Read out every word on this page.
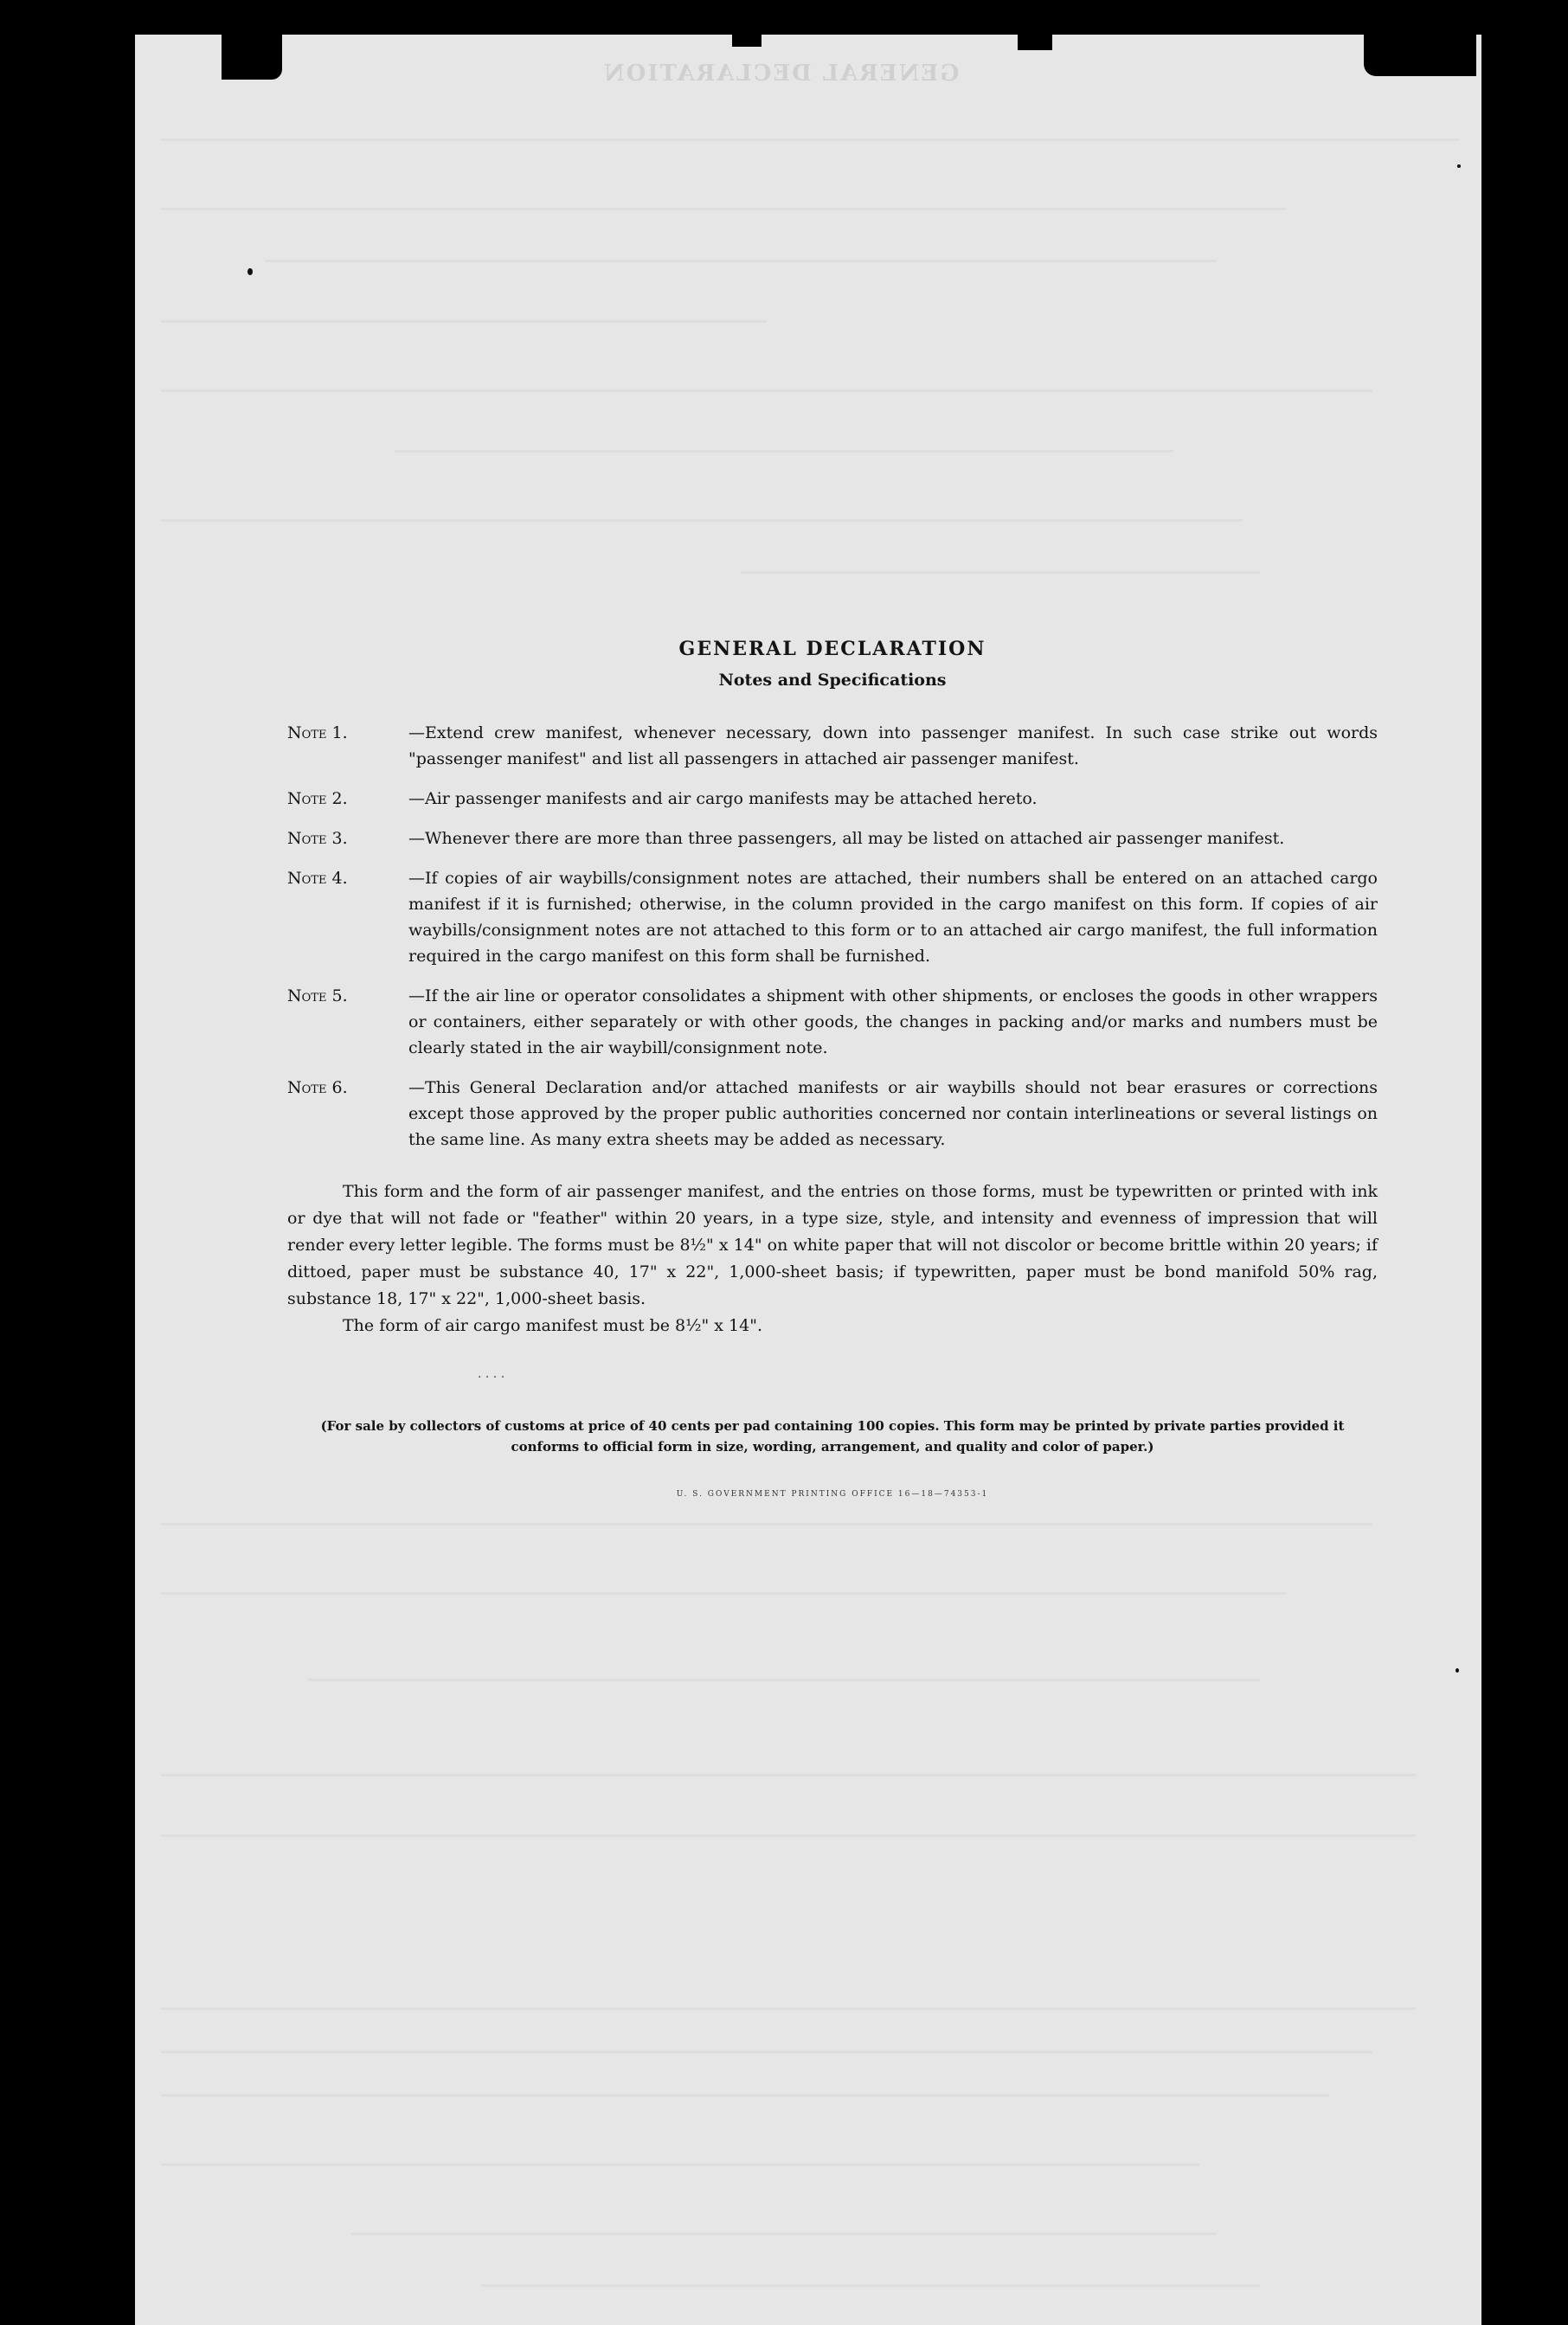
GENERAL DECLARATION

GENERAL DECLARATION

Notes and Specifications

Note 1.	—Extend crew manifest, whenever necessary, down into passenger manifest. In such case strike out words "passenger manifest" and list all passengers in attached air passenger manifest.
Note 2.	—Air passenger manifests and air cargo manifests may be attached hereto.
Note 3.	—Whenever there are more than three passengers, all may be listed on attached air passenger manifest.
Note 4.	—If copies of air waybills/consignment notes are attached, their numbers shall be entered on an attached cargo manifest if it is furnished; otherwise, in the column provided in the cargo manifest on this form. If copies of air waybills/consignment notes are not attached to this form or to an attached air cargo manifest, the full information required in the cargo manifest on this form shall be furnished.
Note 5.	—If the air line or operator consolidates a shipment with other shipments, or encloses the goods in other wrappers or containers, either separately or with other goods, the changes in packing and/or marks and numbers must be clearly stated in the air waybill/consignment note.
Note 6.	—This General Declaration and/or attached manifests or air waybills should not bear erasures or corrections except those approved by the proper public authorities concerned nor contain interlineations or several listings on the same line. As many extra sheets may be added as necessary.

This form and the form of air passenger manifest, and the entries on those forms, must be typewritten or printed with ink or dye that will not fade or "feather" within 20 years, in a type size, style, and intensity and evenness of impression that will render every letter legible. The forms must be 8½" x 14" on white paper that will not discolor or become brittle within 20 years; if dittoed, paper must be substance 40, 17" x 22", 1,000-sheet basis; if typewritten, paper must be bond manifold 50% rag, substance 18, 17" x 22", 1,000-sheet basis.

The form of air cargo manifest must be 8½" x 14".

· · · ·
(For sale by collectors of customs at price of 40 cents per pad containing 100 copies. This form may be printed by private parties provided it conforms to official form in size, wording, arrangement, and quality and color of paper.)
U. S. GOVERNMENT PRINTING OFFICE 16—18—74353-1
